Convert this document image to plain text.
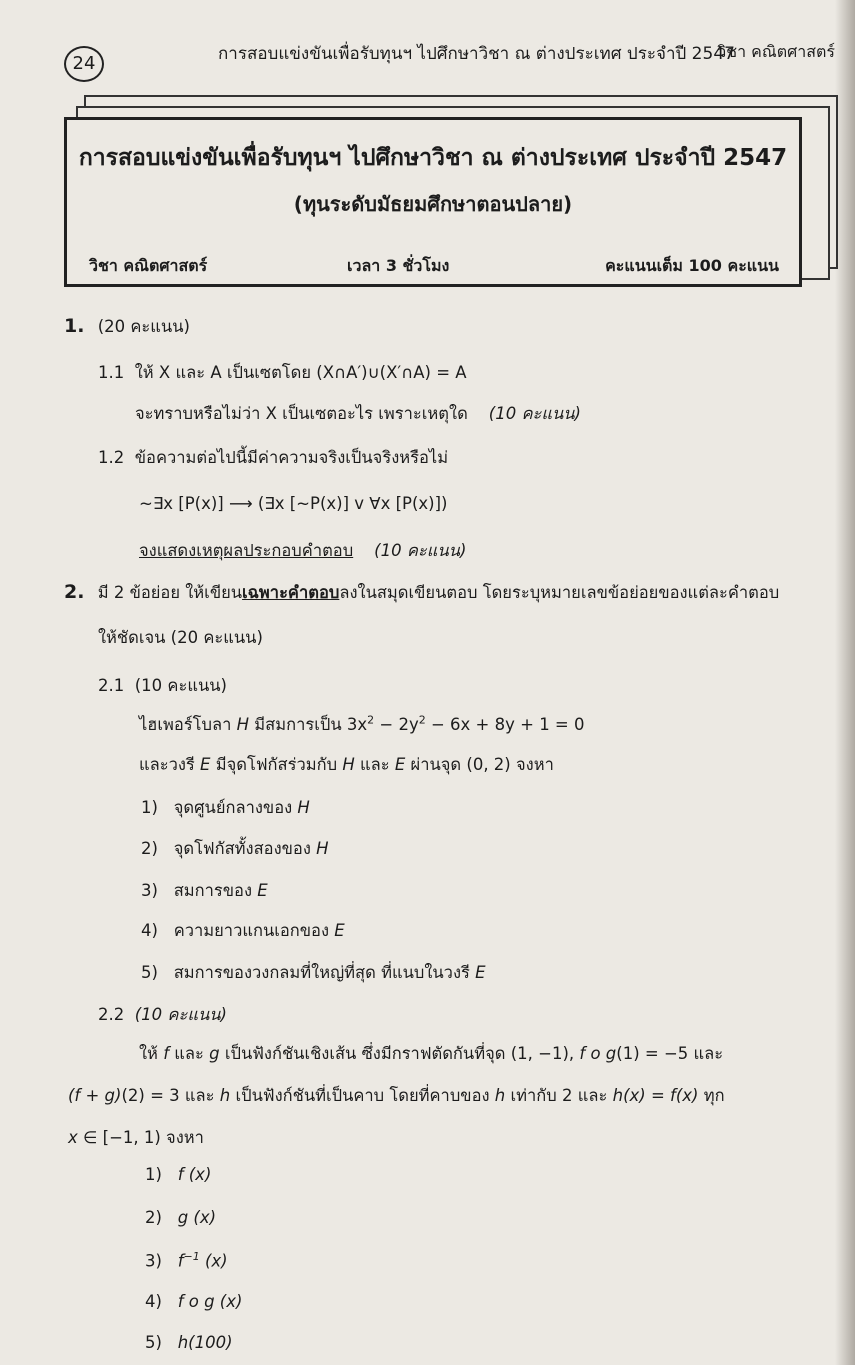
24	การสอบแข่งขันเพื่อรับทุนฯ ไปศึกษาวิชา ณ ต่างประเทศ ประจำปี 2547
วิชา คณิตศาสตร์
การสอบแข่งขันเพื่อรับทุนฯ ไปศึกษาวิชา ณ ต่างประเทศ ประจำปี 2547
(ทุนระดับมัธยมศึกษาตอนปลาย)
วิชา คณิตศาสตร์	เวลา 3 ชั่วโมง	คะแนนเต็ม 100 คะแนน
1. (20 คะแนน)
1.1 ให้ X และ A เป็นเซตโดย (X∩A′)∪(X′∩A) = A
จะทราบหรือไม่ว่า X เป็นเซตอะไร เพราะเหตุใด (10 คะแนน)
1.2 ข้อความต่อไปนี้มีค่าความจริงเป็นจริงหรือไม่
~∃x [P(x)] ⟶ (∃x [~P(x)] v ∀x [P(x)])
จงแสดงเหตุผลประกอบคำตอบ (10 คะแนน)
2. มี 2 ข้อย่อย ให้เขียนเฉพาะคำตอบลงในสมุดเขียนตอบ โดยระบุหมายเลขข้อย่อยของแต่ละคำตอบ
ให้ชัดเจน (20 คะแนน)
2.1 (10 คะแนน)
ไฮเพอร์โบลา H มีสมการเป็น $3x^2 - 2y^2 - 6x + 8y + 1 = 0$
และวงรี E มีจุดโฟกัสร่วมกับ H และ E ผ่านจุด (0, 2) จงหา
1) จุดศูนย์กลางของ H
2) จุดโฟกัสทั้งสองของ H
3) สมการของ E
4) ความยาวแกนเอกของ E
5) สมการของวงกลมที่ใหญ่ที่สุด ที่แนบในวงรี E
2.2 (10 คะแนน)
ให้ f และ g เป็นฟังก์ชันเชิงเส้น ซึ่งมีกราฟตัดกันที่จุด (1, −1), f o g(1) = −5 และ
(f + g)(2) = 3 และ h เป็นฟังก์ชันที่เป็นคาบ โดยที่คาบของ h เท่ากับ 2 และ h(x) = f(x) ทุก
x ∈ [−1, 1) จงหา
1) f (x)
2) g (x)
3) $f^{-1}$ (x)
4) f o g (x)
5) h(100)
